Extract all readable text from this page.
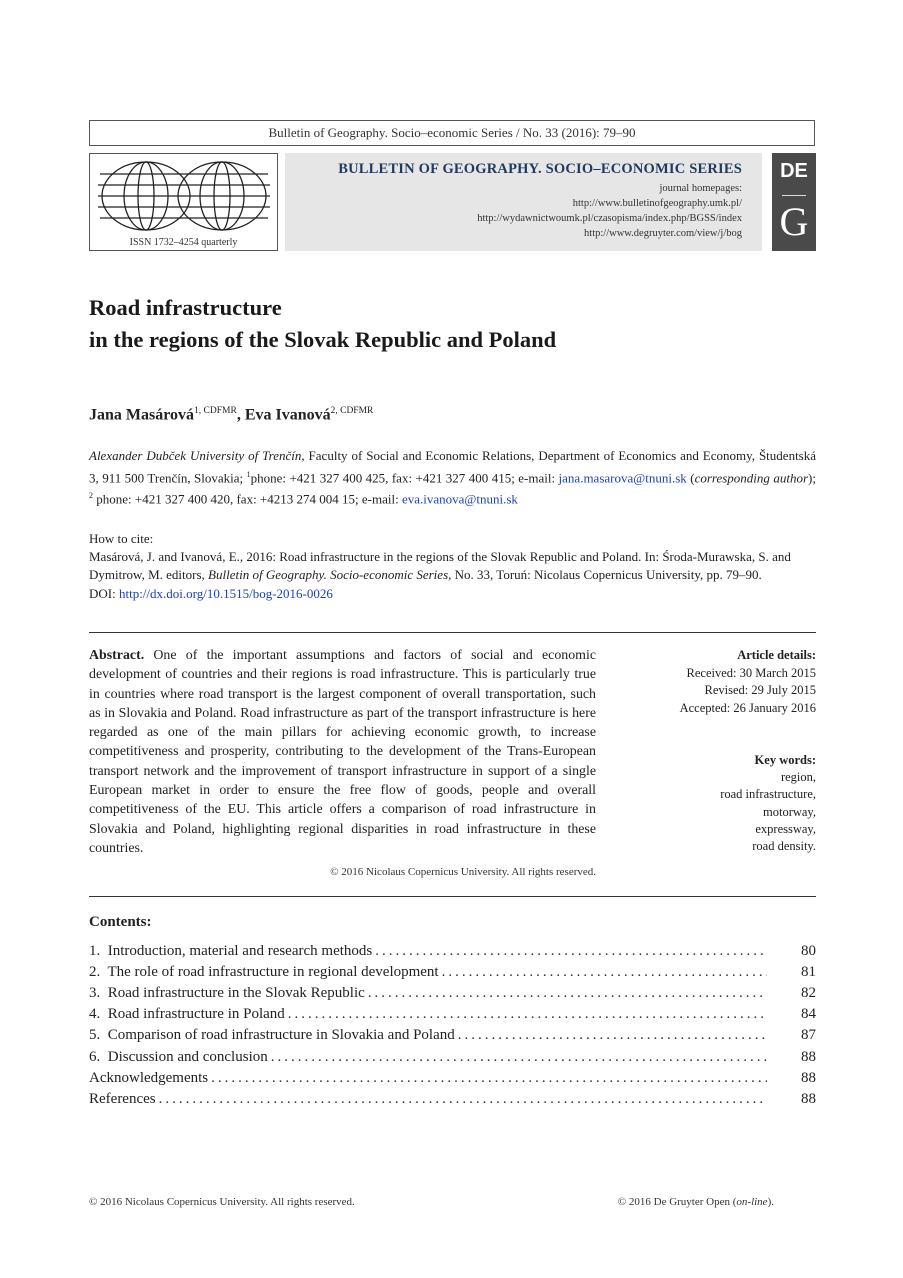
Bulletin of Geography. Socio–economic Series / No. 33 (2016): 79–90
ISSN 1732–4254 quarterly
BULLETIN OF GEOGRAPHY. SOCIO–ECONOMIC SERIES
journal homepages:
http://www.bulletinofgeography.umk.pl/
http://wydawnictwoumk.pl/czasopisma/index.php/BGSS/index
http://www.degruyter.com/view/j/bog
DE
G
Road infrastructure
in the regions of the Slovak Republic and Poland
Jana Masárová$^{1, CDFMR}$, Eva Ivanová$^{2, CDFMR}$
Alexander Dubček University of Trenčín, Faculty of Social and Economic Relations, Department of Economics and Economy, Študentská 3, 911 500 Trenčín, Slovakia; $^1$phone: +421 327 400 425, fax: +421 327 400 415; e-mail: jana.masarova@tnuni.sk (corresponding author); $^2$ phone: +421 327 400 420, fax: +4213 274 004 15; e-mail: eva.ivanova@tnuni.sk
How to cite:
Masárová, J. and Ivanová, E., 2016: Road infrastructure in the regions of the Slovak Republic and Poland. In: Środa-Murawska, S. and Dymitrow, M. editors, Bulletin of Geography. Socio-economic Series, No. 33, Toruń: Nicolaus Copernicus University, pp. 79–90.
DOI: http://dx.doi.org/10.1515/bog-2016-0026
Abstract. One of the important assumptions and factors of social and economic development of countries and their regions is road infrastructure. This is particularly true in countries where road transport is the largest component of overall transportation, such as in Slovakia and Poland. Road infrastructure as part of the transport infrastructure is here regarded as one of the main pillars for achieving economic growth, to increase competitiveness and prosperity, contributing to the development of the Trans-European transport network and the improvement of transport infrastructure in support of a single European market in order to ensure the free flow of goods, people and overall competitiveness of the EU. This article offers a comparison of road infrastructure in Slovakia and Poland, highlighting regional disparities in road infrastructure in these countries.
© 2016 Nicolaus Copernicus University. All rights reserved.
Article details:
Received: 30 March 2015
Revised: 29 July 2015
Accepted: 26 January 2016
Key words:
region,
road infrastructure,
motorway,
expressway,
road density.
Contents:
1.  Introduction, material and research methods .....	80
2.  The role of road infrastructure in regional development .....	81
3.  Road infrastructure in the Slovak Republic .....	82
4.  Road infrastructure in Poland .....	84
5.  Comparison of road infrastructure in Slovakia and Poland .....	87
6.  Discussion and conclusion .....	88
Acknowledgements .....	88
References .....	88
© 2016 Nicolaus Copernicus University. All rights reserved.	© 2016 De Gruyter Open (on-line).
